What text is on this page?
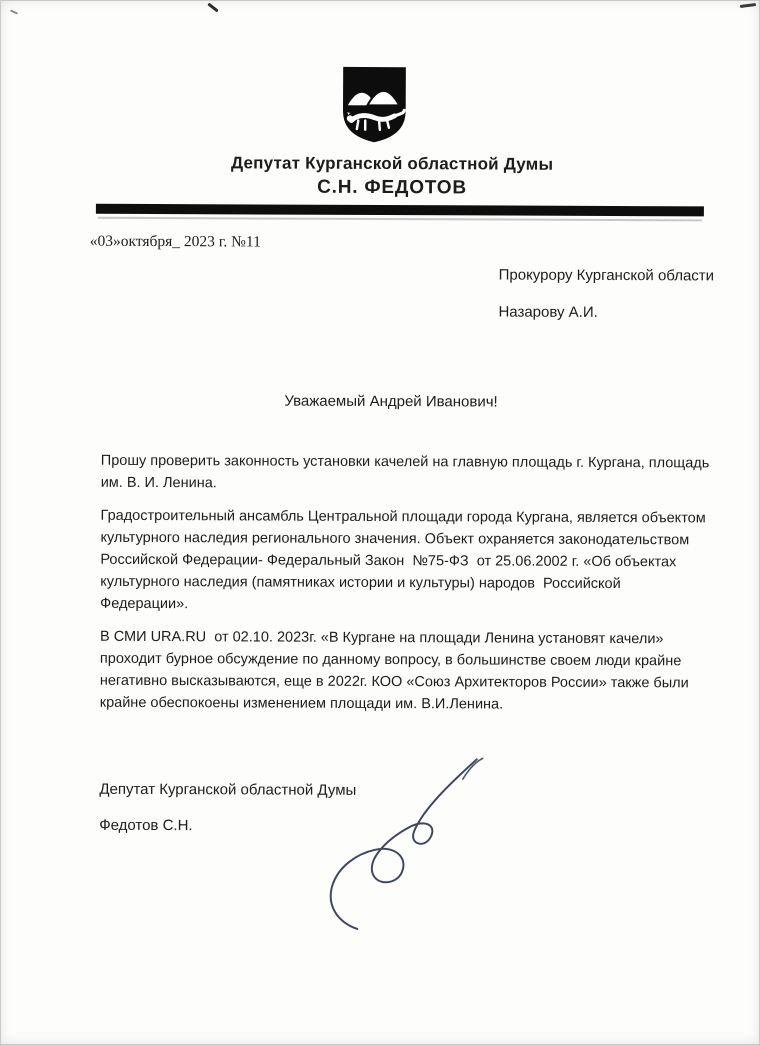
Депутат Курганской областной Думы
С.Н. ФЕДОТОВ
«03»октября_ 2023 г. №11
Прокурору Курганской области
Назарову А.И.
Уважаемый Андрей Иванович!

Прошу проверить законность установки качелей на главную площадь г. Кургана, площадь им. В. И. Ленина.

Градостроительный ансамбль Центральной площади города Кургана, является объектом культурного наследия регионального значения. Объект охраняется законодательством Российской Федерации- Федеральный Закон  №75-ФЗ  от 25.06.2002 г. «Об объектах культурного наследия (памятниках истории и культуры) народов  Российской Федерации».

В СМИ URA.RU  от 02.10. 2023г. «В Кургане на площади Ленина установят качели» проходит бурное обсуждение по данному вопросу, в большинстве своем люди крайне негативно высказываются, еще в 2022г. КОО «Союз Архитекторов России» также были крайне обеспокоены изменением площади им. В.И.Ленина.

Депутат Курганской областной Думы
Федотов С.Н.
